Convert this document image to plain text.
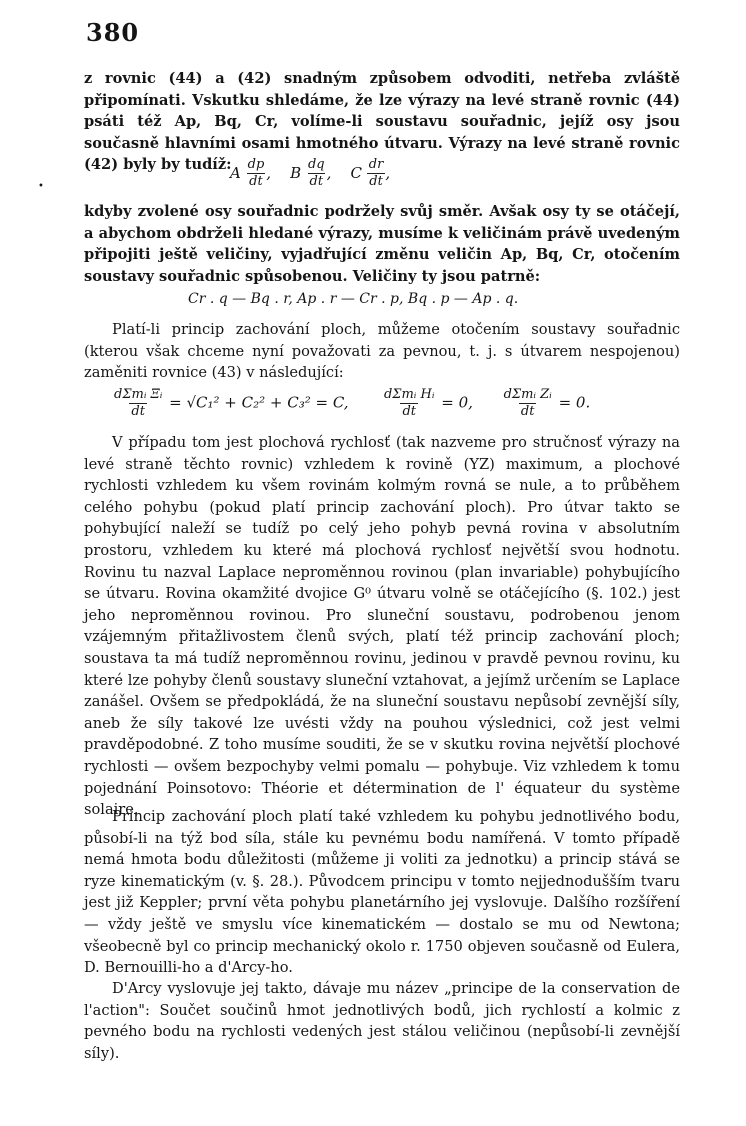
380
•

z rovnic (44) a (42) snadným způsobem odvoditi, netřeba zvláště připomínati. Vskutku shledáme, že lze výrazy na levé straně rovnic (44) psáti též Ap, Bq, Cr, volíme-li soustavu souřadnic, jejíž osy jsou současně hlavními osami hmotného útvaru. Výrazy na levé straně rovnic (42) byly by tudíž:

A $\frac{dp}{dt}$ , B $\frac{dq}{dt}$ , C $\frac{dr}{dt}$ ,

kdyby zvolené osy souřadnic podržely svůj směr. Avšak osy ty se otáčejí, a abychom obdrželi hledané výrazy, musíme k veličinám právě uvedeným připojiti ještě veličiny, vyjadřující změnu veličin Ap, Bq, Cr, otočením soustavy souřadnic spůsobenou. Veličiny ty jsou patrně:

Cr . q — Bq . r, Ap . r — Cr . p, Bq . p — Ap . q.

Platí-li princip zachování ploch, můžeme otočením soustavy souřadnic (kterou však chceme nyní považovati za pevnou, t. j. s útvarem nespojenou) zaměniti rovnice (43) v následující:

$\frac{\text{dΣmᵢ Ξᵢ}}{dt} = √C_1^2 + C_2^2 + C_3^2 = C$,	$\frac{\text{dΣmᵢ Hᵢ}}{dt} = 0$, $\frac{\text{dΣmᵢ Zᵢ}}{dt} = 0$.

V případu tom jest plochová rychlosť (tak nazveme pro stručnosť výrazy na levé straně těchto rovnic) vzhledem k rovině (YZ) maximum, a plochové rychlosti vzhledem ku všem rovinám kolmým rovná se nule, a to průběhem celého pohybu (pokud platí princip zachování ploch). Pro útvar takto se pohybující naleží se tudíž po celý jeho pohyb pevná rovina v absolutním prostoru, vzhledem ku které má plochová rychlosť největší svou hodnotu. Rovinu tu nazval Laplace neproměnnou rovinou (plan invariable) pohybujícího se útvaru. Rovina okamžité dvojice G⁰ útvaru volně se otáčejícího (§. 102.) jest jeho neproměnnou rovinou. Pro sluneční soustavu, podrobenou jenom vzájemným přitažlivostem členů svých, platí též princip zachování ploch; soustava ta má tudíž neproměnnou rovinu, jedinou v pravdě pevnou rovinu, ku které lze pohyby členů soustavy sluneční vztahovat, a jejímž určením se Laplace zanášel. Ovšem se předpokládá, že na sluneční soustavu nepůsobí zevnější síly, aneb že síly takové lze uvésti vždy na pouhou výslednici, což jest velmi pravděpodobné. Z toho musíme souditi, že se v skutku rovina největší plochové rychlosti — ovšem bezpochyby velmi pomalu — pohybuje. Viz vzhledem k tomu pojednání Poinsotovo: Théorie et détermination de l' équateur du système solaire.

Princip zachování ploch platí také vzhledem ku pohybu jednotlivého bodu, působí-li na týž bod síla, stále ku pevnému bodu namířená. V tomto případě nemá hmota bodu důležitosti (můžeme ji voliti za jednotku) a princip stává se ryze kinematickým (v. §. 28.). Původcem principu v tomto nejjednodušším tvaru jest již Keppler; první věta pohybu planetárního jej vyslovuje. Dalšího rozšíření — vždy ještě ve smyslu více kinematickém — dostalo se mu od Newtona; všeobecně byl co princip mechanický okolo r. 1750 objeven současně od Eulera, D. Bernouilli-ho a d'Arcy-ho.

D'Arcy vyslovuje jej takto, dávaje mu název „principe de la conservation de l'action": Součet součinů hmot jednotlivých bodů, jich rychlostí a kolmic z pevného bodu na rychlosti vedených jest stálou veličinou (nepůsobí-li zevnější síly).
